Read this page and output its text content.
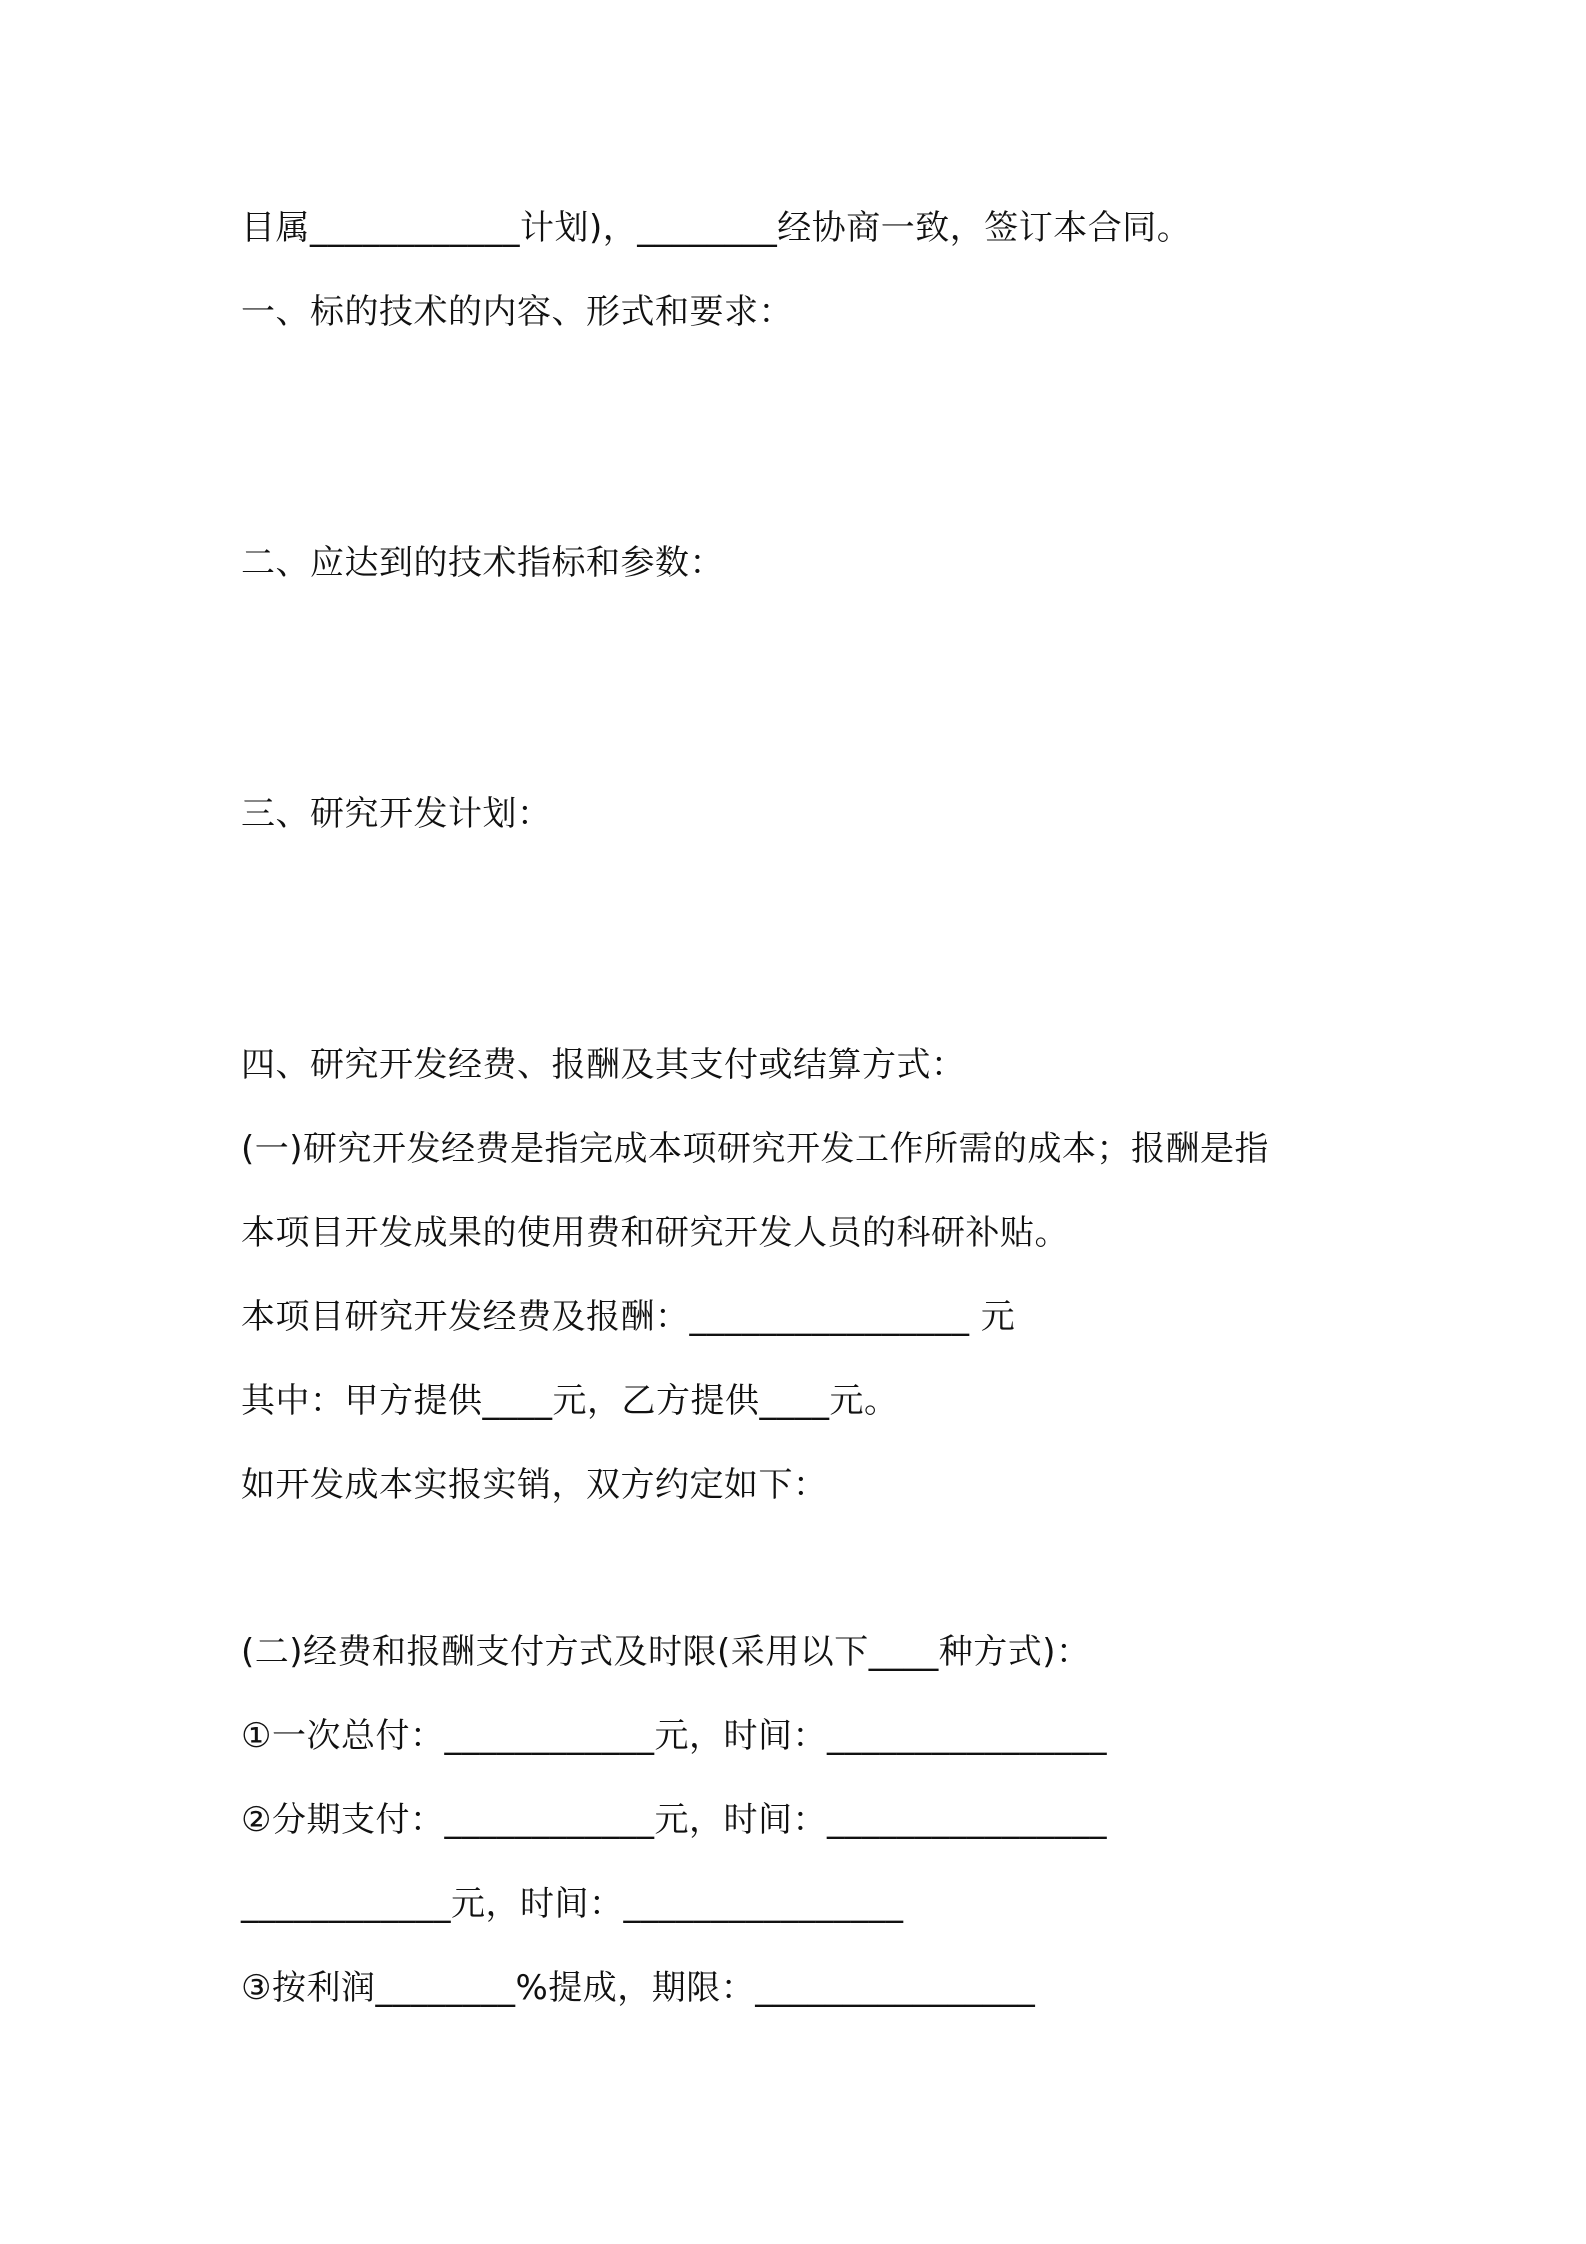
目属____________计划)，________经协商一致，签订本合同。
一、标的技术的内容、形式和要求：
二、应达到的技术指标和参数：
三、研究开发计划：
四、研究开发经费、报酬及其支付或结算方式：
(一)研究开发经费是指完成本项研究开发工作所需的成本；报酬是指
本项目开发成果的使用费和研究开发人员的科研补贴。
本项目研究开发经费及报酬：________________ 元
其中：甲方提供____元，乙方提供____元。
如开发成本实报实销，双方约定如下：
(二)经费和报酬支付方式及时限(采用以下____种方式)：
①一次总付：____________元，时间：________________
②分期支付：____________元，时间：________________
____________元，时间：________________
③按利润________%提成，期限：________________
